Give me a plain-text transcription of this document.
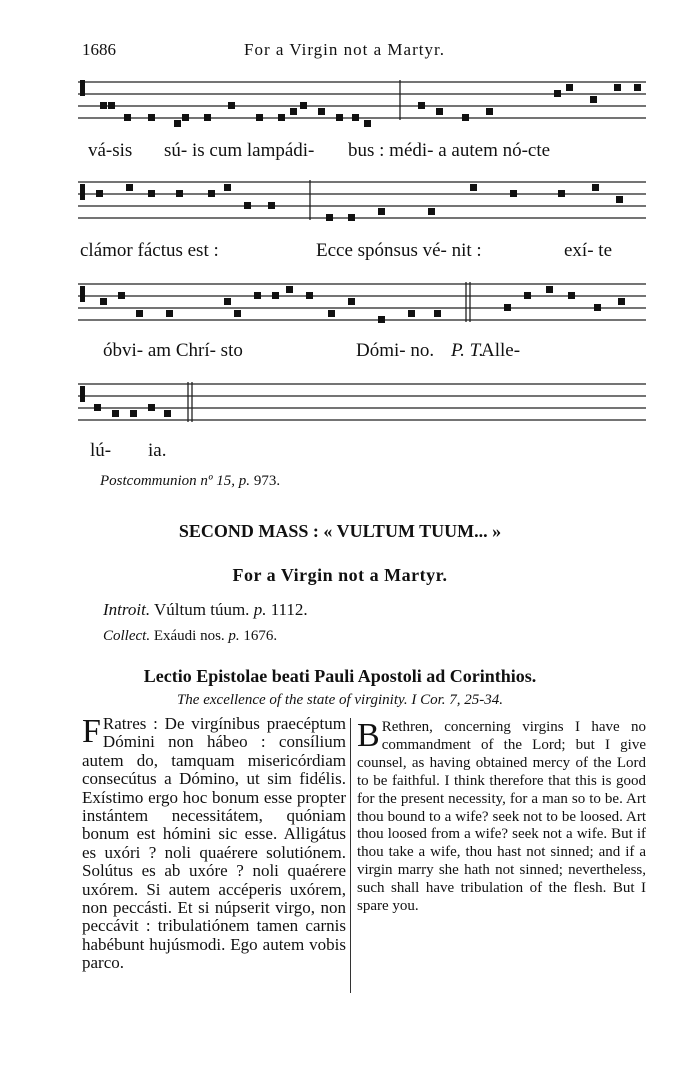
1686	For a Virgin not a Martyr.
vá-sis sú- is cum lampádi- bus : médi- a autem nó-cte
clámor fáctus est :	Ecce spónsus vé- nit :	exí- te
óbvi- am Chrí- sto	Dómi- no. P. T.
Alle-
lú- ia.
Postcommunion nº 15, p. 973.
SECOND MASS : « VULTUM TUUM... »
For a Virgin not a Martyr.
Introit. Vúltum túum. p. 1112.
Collect. Exáudi nos. p. 1676.
Lectio Epistolae beati Pauli Apostoli ad Corinthios.
The excellence of the state of virginity. I Cor. 7, 25-34.

F Ratres : De virgínibus praecéptum Dómini non hábeo : consílium autem do, tamquam misericórdiam consecútus a Dómino, ut sim fidélis. Exístimo ergo hoc bonum esse propter instántem necessitátem, quóniam bonum est hómini sic esse. Alligátus es uxóri ? noli quaérere solutiónem. Solútus es ab uxóre ? noli quaérere uxórem. Si autem accéperis uxórem, non peccásti. Et si núpserit virgo, non peccávit : tribulatiónem tamen carnis habébunt hujúsmodi. Ego autem vobis parco.

B Rethren, concerning virgins I have no commandment of the Lord; but I give counsel, as having obtained mercy of the Lord to be faithful. I think therefore that this is good for the present necessity, for a man so to be. Art thou bound to a wife? seek not to be loosed. Art thou loosed from a wife? seek not a wife. But if thou take a wife, thou hast not sinned; and if a virgin marry she hath not sinned; nevertheless, such shall have tribulation of the flesh. But I spare you.
